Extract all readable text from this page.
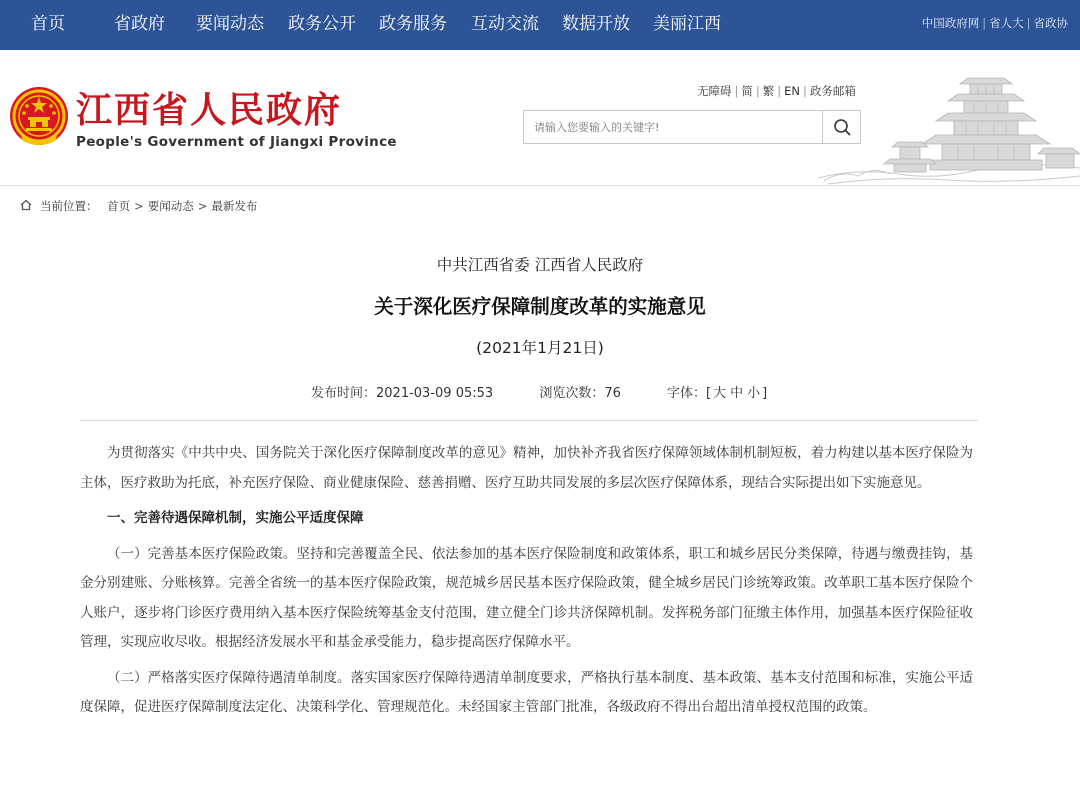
首页	省政府 要闻动态 政务公开 政务服务 互动交流 数据开放 美丽江西	中国政府网 | 省人大 | 省政协
江西省人民政府
People's Government of Jiangxi Province
无障碍 | 简 | 繁 | EN | 政务邮箱
请输入您要输入的关键字!
当前位置： 首页 > 要闻动态 > 最新发布
中共江西省委 江西省人民政府
关于深化医疗保障制度改革的实施意见
(2021年1月21日)
发布时间：2021-03-09 05:53	浏览次数：76	字体：[ 大 中 小 ]

为贯彻落实《中共中央、国务院关于深化医疗保障制度改革的意见》精神，加快补齐我省医疗保障领域体制机制短板，着力构建以基本医疗保险为主体，医疗救助为托底，补充医疗保险、商业健康保险、慈善捐赠、医疗互助共同发展的多层次医疗保障体系，现结合实际提出如下实施意见。

一、完善待遇保障机制，实施公平适度保障

（一）完善基本医疗保险政策。坚持和完善覆盖全民、依法参加的基本医疗保险制度和政策体系，职工和城乡居民分类保障，待遇与缴费挂钩，基金分别建账、分账核算。完善全省统一的基本医疗保险政策，规范城乡居民基本医疗保险政策，健全城乡居民门诊统筹政策。改革职工基本医疗保险个人账户，逐步将门诊医疗费用纳入基本医疗保险统筹基金支付范围，建立健全门诊共济保障机制。发挥税务部门征缴主体作用，加强基本医疗保险征收管理，实现应收尽收。根据经济发展水平和基金承受能力，稳步提高医疗保障水平。

（二）严格落实医疗保障待遇清单制度。落实国家医疗保障待遇清单制度要求，严格执行基本制度、基本政策、基本支付范围和标准，实施公平适度保障，促进医疗保障制度法定化、决策科学化、管理规范化。未经国家主管部门批准，各级政府不得出台超出清单授权范围的政策。
